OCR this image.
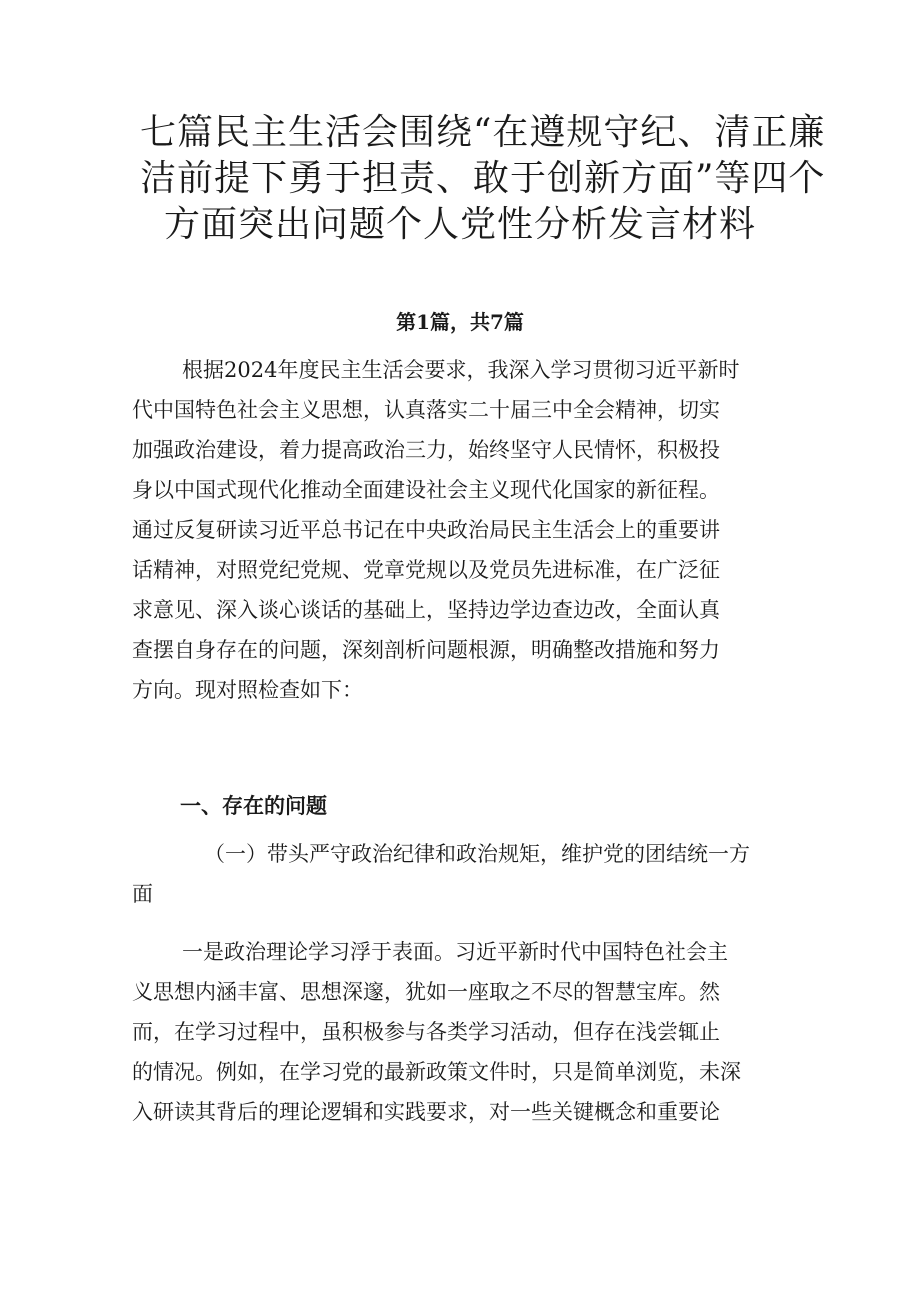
七篇民主生活会围绕“在遵规守纪、清正廉
洁前提下勇于担责、敢于创新方面”等四个
方面突出问题个人党性分析发言材料
第1篇，共7篇
根据2024年度民主生活会要求，我深入学习贯彻习近平新时
代中国特色社会主义思想，认真落实二十届三中全会精神，切实
加强政治建设，着力提高政治三力，始终坚守人民情怀，积极投
身以中国式现代化推动全面建设社会主义现代化国家的新征程。
通过反复研读习近平总书记在中央政治局民主生活会上的重要讲
话精神，对照党纪党规、党章党规以及党员先进标准，在广泛征
求意见、深入谈心谈话的基础上，坚持边学边查边改，全面认真
查摆自身存在的问题，深刻剖析问题根源，明确整改措施和努力
方向。现对照检查如下：
一、存在的问题
（一）带头严守政治纪律和政治规矩，维护党的团结统一方
面
一是政治理论学习浮于表面。习近平新时代中国特色社会主
义思想内涵丰富、思想深邃，犹如一座取之不尽的智慧宝库。然
而，在学习过程中，虽积极参与各类学习活动，但存在浅尝辄止
的情况。例如，在学习党的最新政策文件时，只是简单浏览，未深
入研读其背后的理论逻辑和实践要求，对一些关键概念和重要论
